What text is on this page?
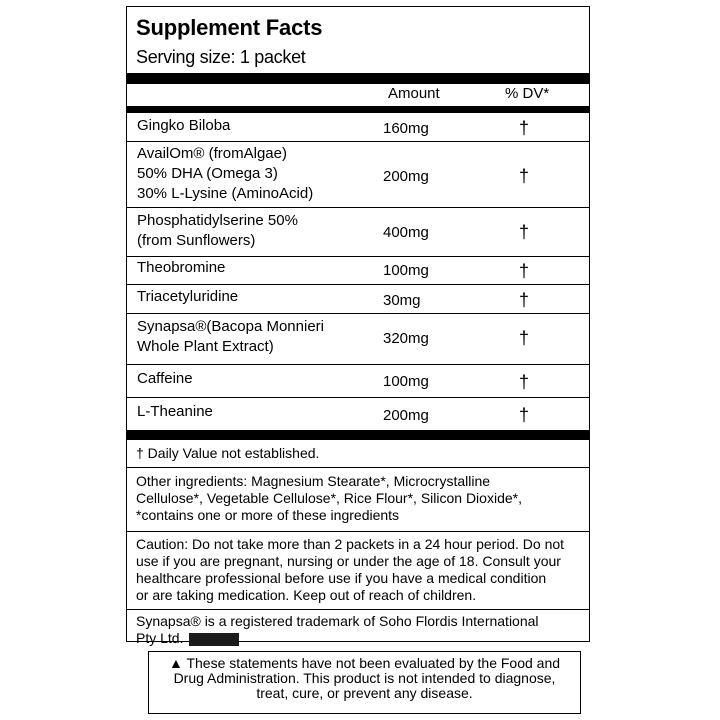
Supplement Facts
Serving size: 1 packet
Amount	% DV*
Gingko Biloba	160mg	†
AvailOm® (fromAlgae)
50% DHA (Omega 3)
30% L-Lysine (AminoAcid)
200mg	†
Phosphatidylserine 50%
(from Sunflowers)	400mg	†
Theobromine	100mg	†
Triacetyluridine	30mg	†
Synapsa®(Bacopa Monnieri
Whole Plant Extract)	320mg	†
Caffeine	100mg	†
L-Theanine	200mg	†
† Daily Value not established.
Other ingredients: Magnesium Stearate*, Microcrystalline
Cellulose*, Vegetable Cellulose*, Rice Flour*, Silicon Dioxide*,
*contains one or more of these ingredients
Caution: Do not take more than 2 packets in a 24 hour period. Do not
use if you are pregnant, nursing or under the age of 18. Consult your
healthcare professional before use if you have a medical condition
or are taking medication. Keep out of reach of children.
Synapsa® is a registered trademark of Soho Flordis International
Pty Ltd.
▲ These statements have not been evaluated by the Food and
Drug Administration. This product is not intended to diagnose,
treat, cure, or prevent any disease.
